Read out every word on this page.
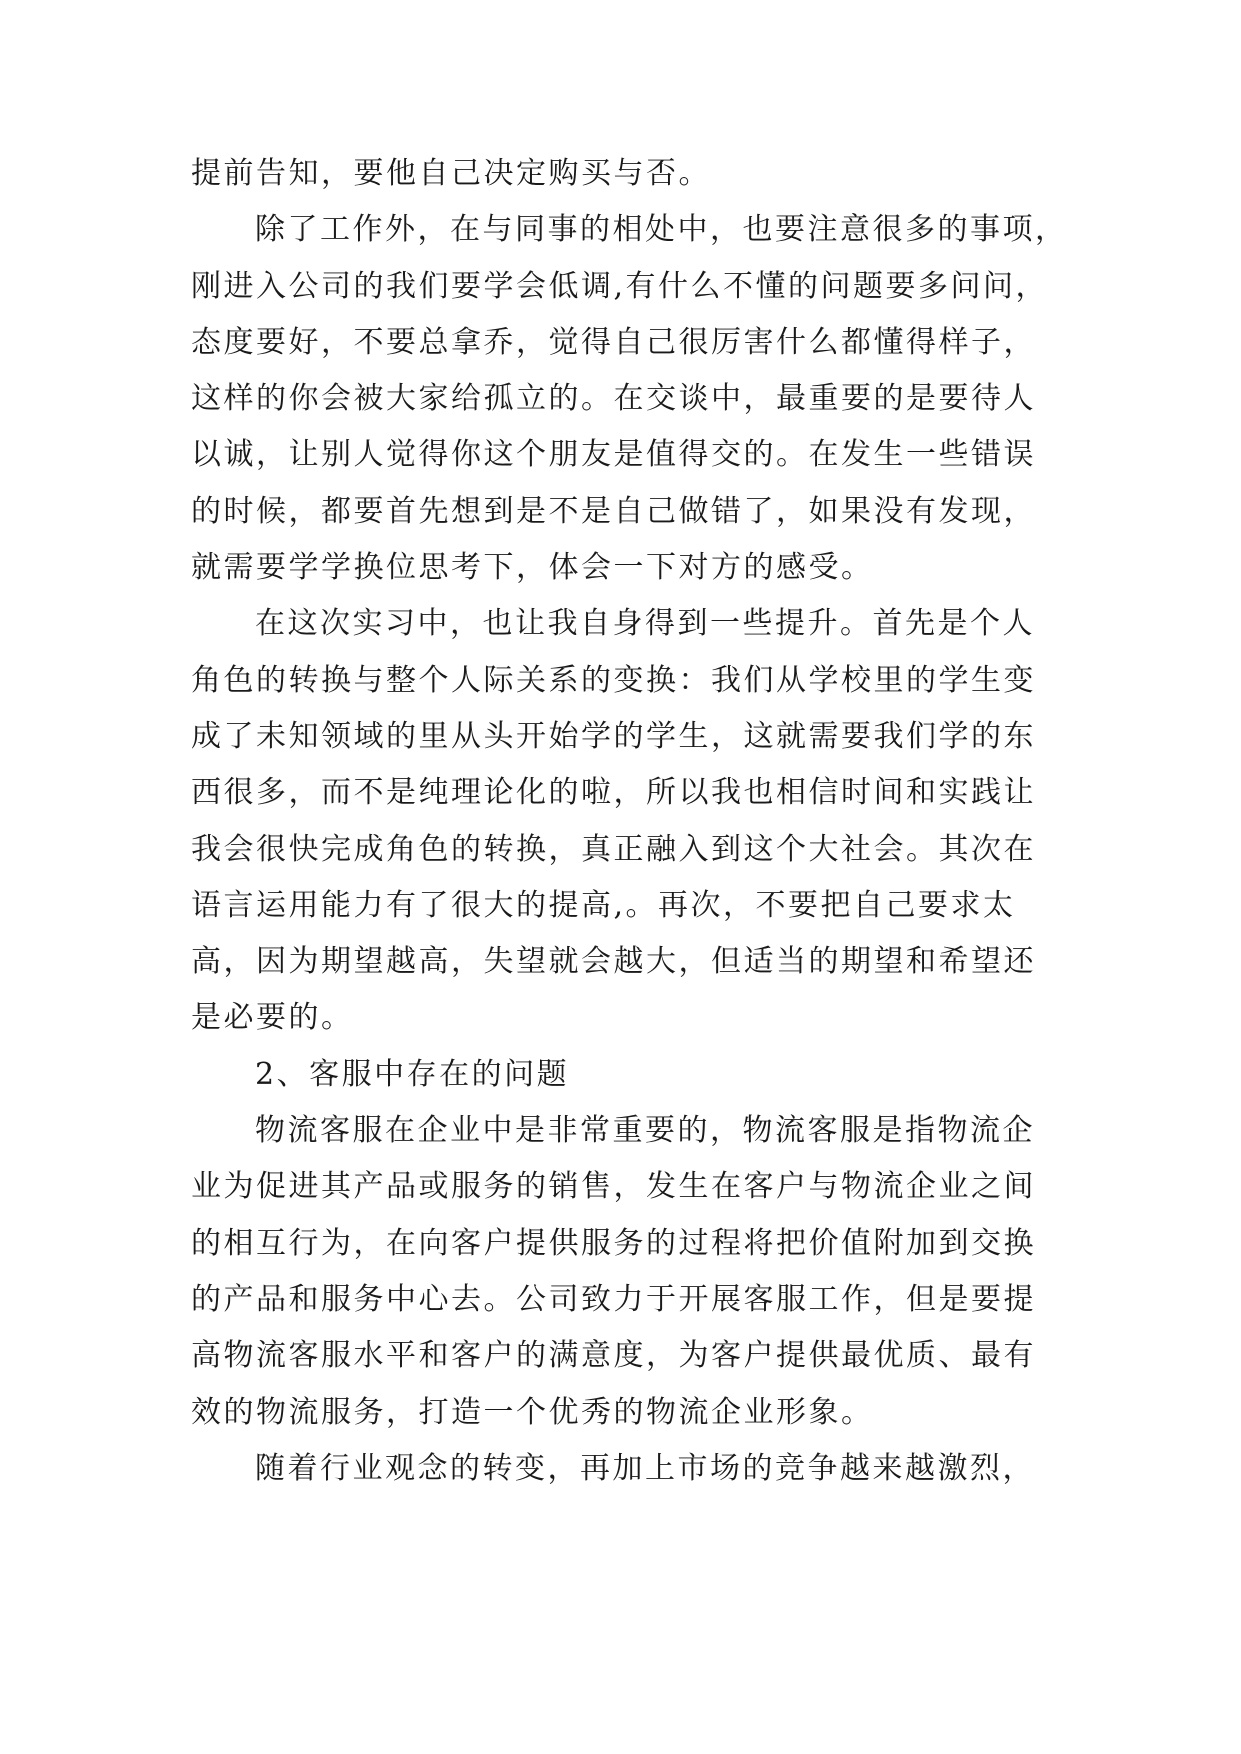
提前告知，要他自己决定购买与否。
除了工作外，在与同事的相处中，也要注意很多的事项，
刚进入公司的我们要学会低调,有什么不懂的问题要多问问，
态度要好，不要总拿乔，觉得自己很厉害什么都懂得样子，
这样的你会被大家给孤立的。在交谈中，最重要的是要待人
以诚，让别人觉得你这个朋友是值得交的。在发生一些错误
的时候，都要首先想到是不是自己做错了，如果没有发现，
就需要学学换位思考下，体会一下对方的感受。
在这次实习中，也让我自身得到一些提升。首先是个人
角色的转换与整个人际关系的变换：我们从学校里的学生变
成了未知领域的里从头开始学的学生，这就需要我们学的东
西很多，而不是纯理论化的啦，所以我也相信时间和实践让
我会很快完成角色的转换，真正融入到这个大社会。其次在
语言运用能力有了很大的提高,。再次，不要把自己要求太
高，因为期望越高，失望就会越大，但适当的期望和希望还
是必要的。
2、客服中存在的问题
物流客服在企业中是非常重要的，物流客服是指物流企
业为促进其产品或服务的销售，发生在客户与物流企业之间
的相互行为，在向客户提供服务的过程将把价值附加到交换
的产品和服务中心去。公司致力于开展客服工作，但是要提
高物流客服水平和客户的满意度，为客户提供最优质、最有
效的物流服务，打造一个优秀的物流企业形象。
随着行业观念的转变，再加上市场的竞争越来越激烈，
